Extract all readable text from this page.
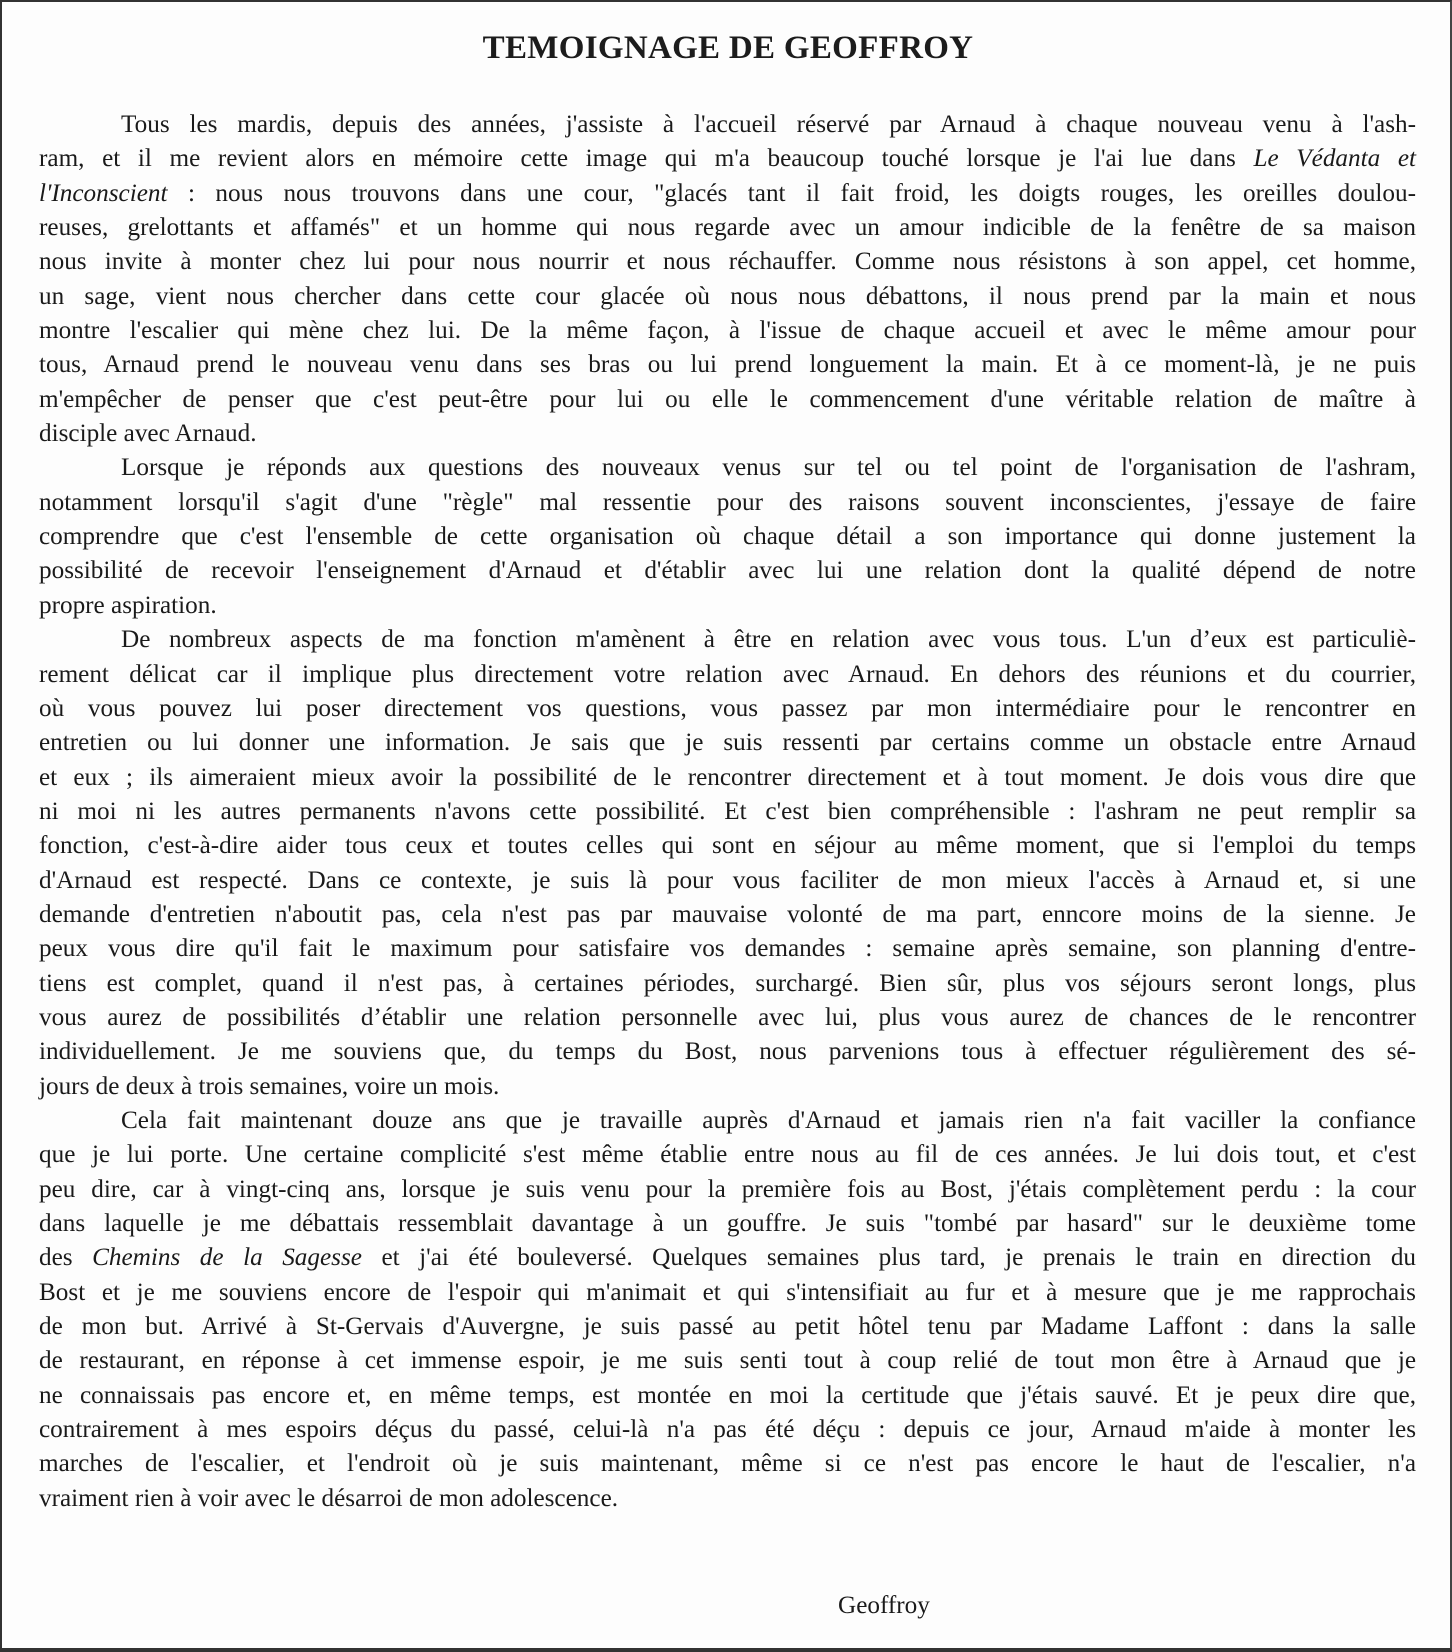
TEMOIGNAGE DE GEOFFROY
Tous les mardis, depuis des années, j'assiste à l'accueil réservé par Arnaud à chaque nouveau venu à l'ash-
ram, et il me revient alors en mémoire cette image qui m'a beaucoup touché lorsque je l'ai lue dans Le Védanta et
l'Inconscient : nous nous trouvons dans une cour, "glacés tant il fait froid, les doigts rouges, les oreilles doulou-
reuses, grelottants et affamés" et un homme qui nous regarde avec un amour indicible de la fenêtre de sa maison
nous invite à monter chez lui pour nous nourrir et nous réchauffer. Comme nous résistons à son appel, cet homme,
un sage, vient nous chercher dans cette cour glacée où nous nous débattons, il nous prend par la main et nous
montre l'escalier qui mène chez lui. De la même façon, à l'issue de chaque accueil et avec le même amour pour
tous, Arnaud prend le nouveau venu dans ses bras ou lui prend longuement la main. Et à ce moment-là, je ne puis
m'empêcher de penser que c'est peut-être pour lui ou elle le commencement d'une véritable relation de maître à
disciple avec Arnaud.
Lorsque je réponds aux questions des nouveaux venus sur tel ou tel point de l'organisation de l'ashram,
notamment lorsqu'il s'agit d'une "règle" mal ressentie pour des raisons souvent inconscientes, j'essaye de faire
comprendre que c'est l'ensemble de cette organisation où chaque détail a son importance qui donne justement la
possibilité de recevoir l'enseignement d'Arnaud et d'établir avec lui une relation dont la qualité dépend de notre
propre aspiration.
De nombreux aspects de ma fonction m'amènent à être en relation avec vous tous. L'un d’eux est particuliè-
rement délicat car il implique plus directement votre relation avec Arnaud. En dehors des réunions et du courrier,
où vous pouvez lui poser directement vos questions, vous passez par mon intermédiaire pour le rencontrer en
entretien ou lui donner une information. Je sais que je suis ressenti par certains comme un obstacle entre Arnaud
et eux ; ils aimeraient mieux avoir la possibilité de le rencontrer directement et à tout moment. Je dois vous dire que
ni moi ni les autres permanents n'avons cette possibilité. Et c'est bien compréhensible : l'ashram ne peut remplir sa
fonction, c'est-à-dire aider tous ceux et toutes celles qui sont en séjour au même moment, que si l'emploi du temps
d'Arnaud est respecté. Dans ce contexte, je suis là pour vous faciliter de mon mieux l'accès à Arnaud et, si une
demande d'entretien n'aboutit pas, cela n'est pas par mauvaise volonté de ma part, enncore moins de la sienne. Je
peux vous dire qu'il fait le maximum pour satisfaire vos demandes : semaine après semaine, son planning d'entre-
tiens est complet, quand il n'est pas, à certaines périodes, surchargé. Bien sûr, plus vos séjours seront longs, plus
vous aurez de possibilités d’établir une relation personnelle avec lui, plus vous aurez de chances de le rencontrer
individuellement. Je me souviens que, du temps du Bost, nous parvenions tous à effectuer régulièrement des sé-
jours de deux à trois semaines, voire un mois.
Cela fait maintenant douze ans que je travaille auprès d'Arnaud et jamais rien n'a fait vaciller la confiance
que je lui porte. Une certaine complicité s'est même établie entre nous au fil de ces années. Je lui dois tout, et c'est
peu dire, car à vingt-cinq ans, lorsque je suis venu pour la première fois au Bost, j'étais complètement perdu : la cour
dans laquelle je me débattais ressemblait davantage à un gouffre. Je suis "tombé par hasard" sur le deuxième tome
des Chemins de la Sagesse et j'ai été bouleversé. Quelques semaines plus tard, je prenais le train en direction du
Bost et je me souviens encore de l'espoir qui m'animait et qui s'intensifiait au fur et à mesure que je me rapprochais
de mon but. Arrivé à St-Gervais d'Auvergne, je suis passé au petit hôtel tenu par Madame Laffont : dans la salle
de restaurant, en réponse à cet immense espoir, je me suis senti tout à coup relié de tout mon être à Arnaud que je
ne connaissais pas encore et, en même temps, est montée en moi la certitude que j'étais sauvé. Et je peux dire que,
contrairement à mes espoirs déçus du passé, celui-là n'a pas été déçu : depuis ce jour, Arnaud m'aide à monter les
marches de l'escalier, et l'endroit où je suis maintenant, même si ce n'est pas encore le haut de l'escalier, n'a
vraiment rien à voir avec le désarroi de mon adolescence.
Geoffroy
